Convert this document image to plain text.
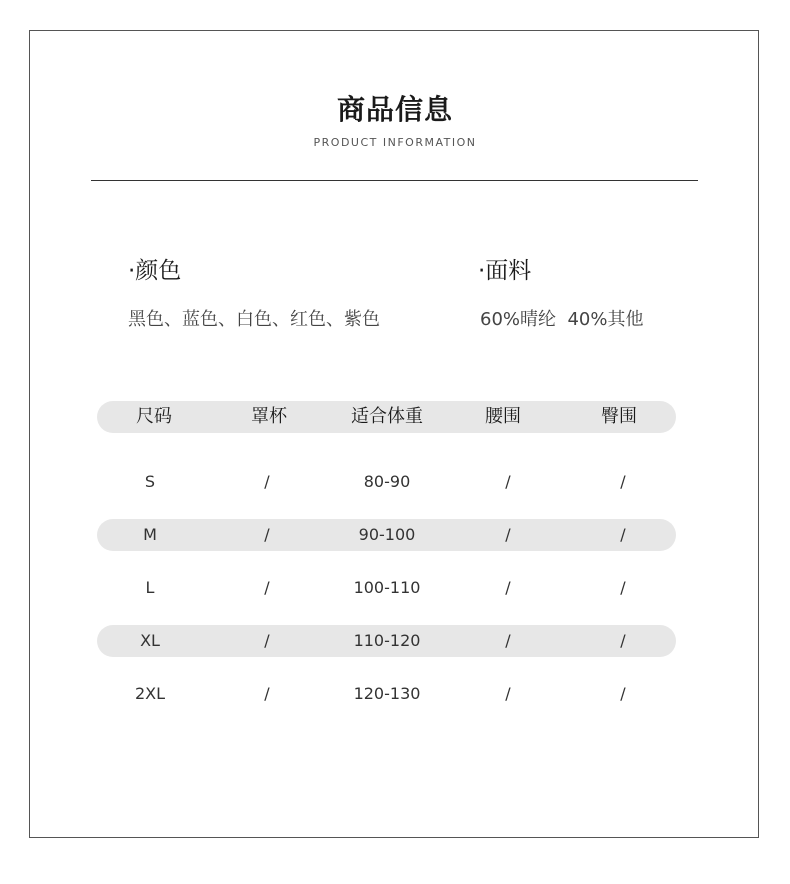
商品信息
PRODUCT INFORMATION
·颜色
黑色、蓝色、白色、红色、紫色
·面料
60%晴纶  40%其他
尺码	罩杯	适合体重	腰围	臀围
S	/	80-90	/	/
M	/	90-100	/	/
L	/	100-110	/	/
XL	/	110-120	/	/
2XL	/	120-130	/	/
